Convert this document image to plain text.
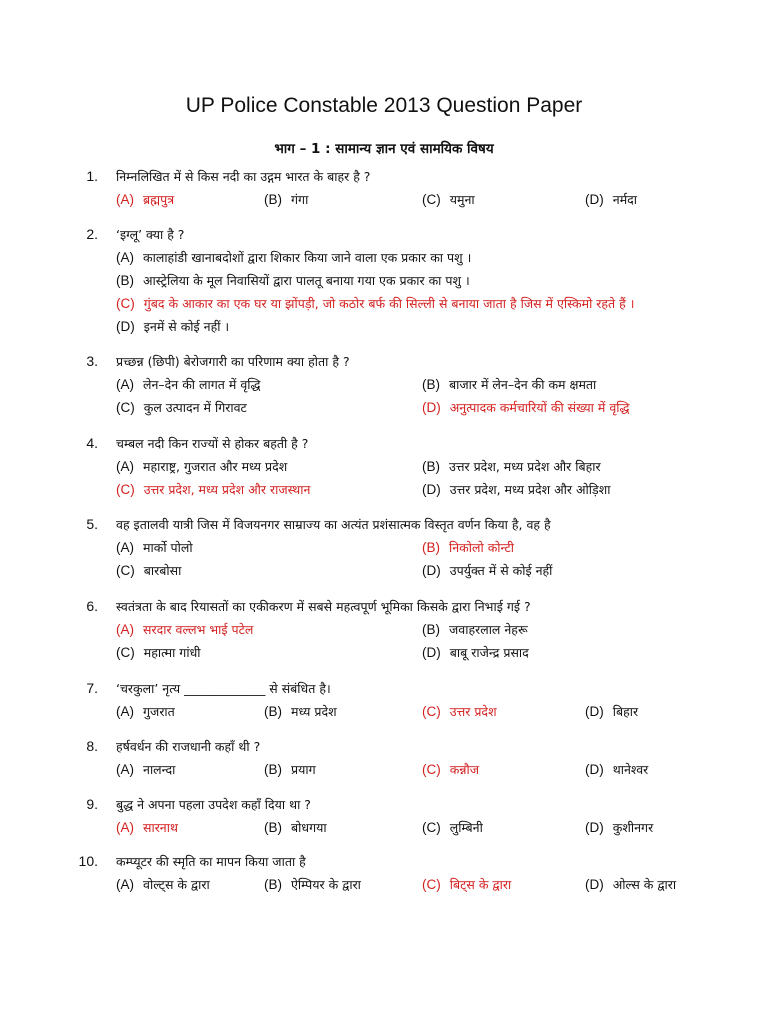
UP Police Constable 2013 Question Paper
भाग – 1 : सामान्य ज्ञान एवं सामयिक विषय
1. निम्नलिखित में से किस नदी का उद्गम भारत के बाहर है ?
(A) ब्रह्मपुत्र	(B) गंगा	(C) यमुना	(D) नर्मदा
2. ‘इग्लू’ क्या है ?
(A) कालाहांडी खानाबदोशों द्वारा शिकार किया जाने वाला एक प्रकार का पशु ।
(B) आस्ट्रेलिया के मूल निवासियों द्वारा पालतू बनाया गया एक प्रकार का पशु ।
(C) गुंबद के आकार का एक घर या झोंपड़ी, जो कठोर बर्फ की सिल्ली से बनाया जाता है जिस में एस्किमो रहते हैं ।
(D) इनमें से कोई नहीं ।
3. प्रच्छन्न (छिपी) बेरोजगारी का परिणाम क्या होता है ?
(A) लेन–देन की लागत में वृद्धि	(B) बाजार में लेन–देन की कम क्षमता
(C) कुल उत्पादन में गिरावट	(D) अनुत्पादक कर्मचारियों की संख्या में वृद्धि
4. चम्बल नदी किन राज्यों से होकर बहती है ?
(A) महाराष्ट्र, गुजरात और मध्य प्रदेश	(B) उत्तर प्रदेश, मध्य प्रदेश और बिहार
(C) उत्तर प्रदेश, मध्य प्रदेश और राजस्थान	(D) उत्तर प्रदेश, मध्य प्रदेश और ओड़िशा
5. वह इतालवी यात्री जिस में विजयनगर साम्राज्य का अत्यंत प्रशंसात्मक विस्तृत वर्णन किया है, वह है
(A) मार्को पोलो	(B) निकोलो कोन्टी
(C) बारबोसा	(D) उपर्युक्त में से कोई नहीं
6. स्वतंत्रता के बाद रियासतों का एकीकरण में सबसे महत्वपूर्ण भूमिका किसके द्वारा निभाई गई ?
(A) सरदार वल्लभ भाई पटेल	(B) जवाहरलाल नेहरू
(C) महात्मा गांधी	(D) बाबू राजेन्द्र प्रसाद
7. ‘चरकुला’ नृत्य _____________ से संबंधित है।
(A) गुजरात	(B) मध्य प्रदेश	(C) उत्तर प्रदेश	(D) बिहार
8. हर्षवर्धन की राजधानी कहाँ थी ?
(A) नालन्दा	(B) प्रयाग	(C) कन्नौज	(D) थानेश्वर
9. बुद्ध ने अपना पहला उपदेश कहाँ दिया था ?
(A) सारनाथ	(B) बोधगया	(C) लुम्बिनी	(D) कुशीनगर
10. कम्प्यूटर की स्मृति का मापन किया जाता है
(A) वोल्ट्स के द्वारा	(B) ऐम्पियर के द्वारा	(C) बिट्स के द्वारा	(D) ओल्स के द्वारा
